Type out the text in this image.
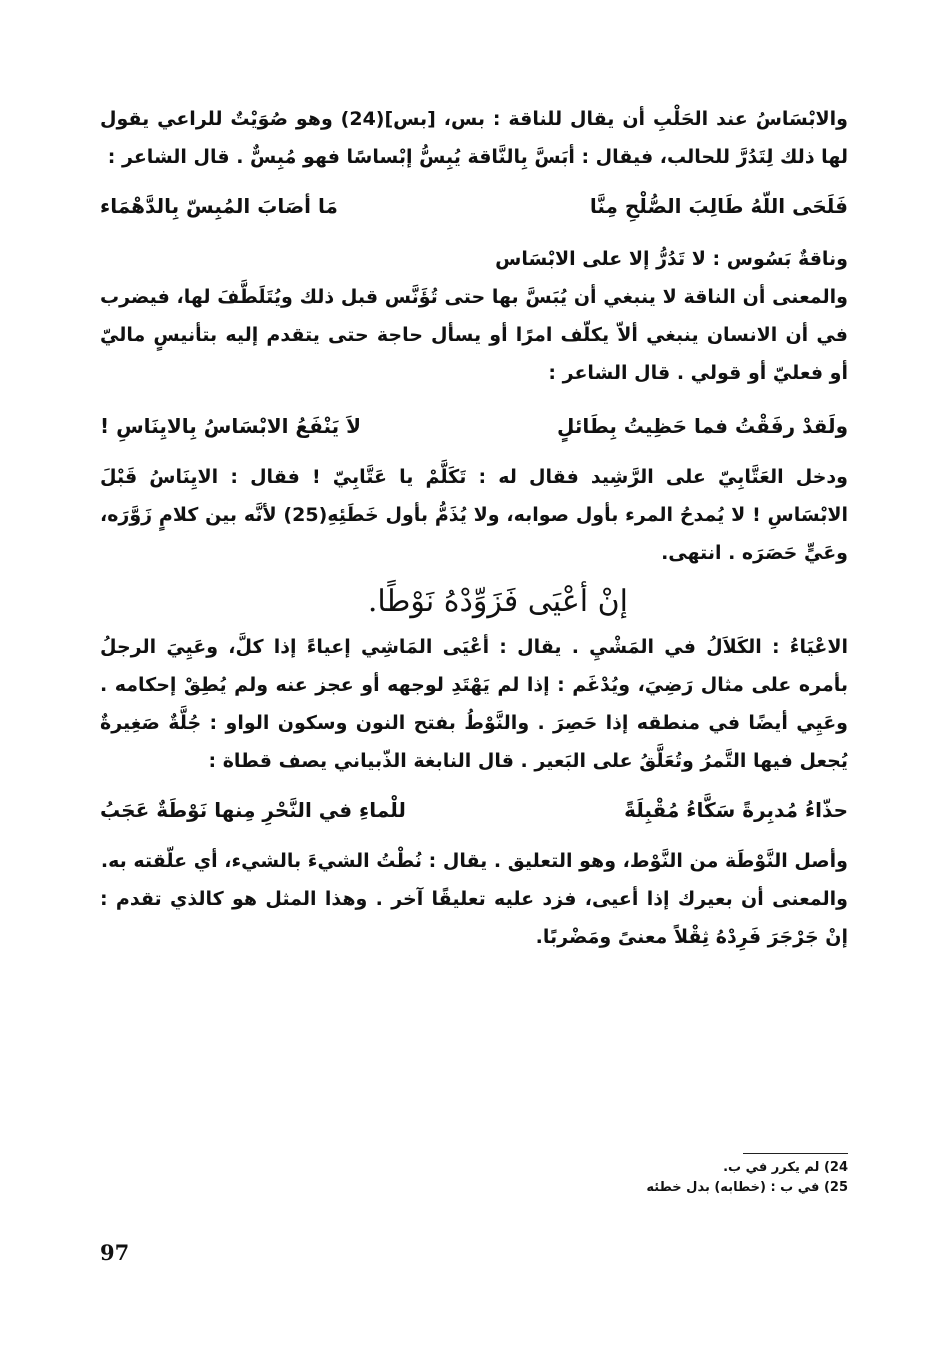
والابْسَاسُ عند الحَلْبِ أن يقال للناقة : بس، [بس](24) وهو صُوَيْتٌ للراعي يقول لها ذلك لِتَدُرَّ للحالب، فيقال : أبَسَّ بِالنَّاقة يُبِسُّ إبْساسًا فهو مُبِسٌّ . قال الشاعر :

فَلَحَى اللّهُ طَالِبَ الصُّلْحِ مِنَّا
مَا أصَابَ المُبِسّ بِالدَّهْمَاء

وناقةٌ بَسُوس : لا تَدُرُّ إلا على الابْسَاس

والمعنى أن الناقة لا ينبغي أن يُبَسَّ بها حتى تُؤَنَّس قبل ذلك ويُتَلَطَّفَ لها، فيضرب في أن الانسان ينبغي ألاّ يكلّف امرًا أو يسأل حاجة حتى يتقدم إليه بتأنيسٍ ماليّ أو فعليّ أو قولي . قال الشاعر :

ولَقدْ رفَقْتُ فما حَظِيتُ بِطَائلٍ
لاَ يَنْفَعُ الابْسَاسُ بِالايِنَاسِ !

ودخل العَتَّابِيّ على الرَّشِيد فقال له : تَكَلَّمْ يا عَتَّابِيّ ! فقال : الايِنَاسُ قَبْلَ الابْسَاسِ ! لا يُمدحُ المرء بأول صوابه، ولا يُذَمُّ بأول خَطَئِهِ(25) لأنَّه بين كلامٍ زَوَّرَه، وعَيٍّ حَصَرَه . انتهى.

إنْ أعْيَى فَزَوِّدْهُ نَوْطًا.

الاعْيَاءُ : الكَلاَلُ في المَشْيِ . يقال : أعْيَى المَاشِي إعياءً إذا كلَّ، وعَيِيَ الرجلُ بأمره على مثال رَضِيَ، ويُدْغَم : إذا لم يَهْتَدِ لوجهه أو عجز عنه ولم يُطِقْ إحكامه . وعَيِي أيضًا في منطقه إذا حَصِرَ . والنَّوْطُ بفتح النون وسكون الواو : جُلَّةٌ صَغِيرةٌ يُجعل فيها التَّمرُ وتُعَلَّقُ على البَعير . قال النابغة الذّبياني يصف قطاة :

حذّاءُ مُدبِرةً سَكَّاءُ مُقْبِلَةً
للْماءِ في النَّحْرِ مِنها نَوْطَةٌ عَجَبُ

وأصل النَّوْطَة من النَّوْط، وهو التعليق . يقال : نُطْتُ الشيءَ بالشيء، أي علّقته به.

والمعنى أن بعيرك إذا أعيى، فزد عليه تعليقًا آخر . وهذا المثل هو كالذي تقدم : إنْ جَرْجَرَ فَرِدْهُ ثِقْلاً معنىً ومَضْربًا.

24) لم يكرر في ب.
25) في ب : (خطابه) بدل خطئه
97
